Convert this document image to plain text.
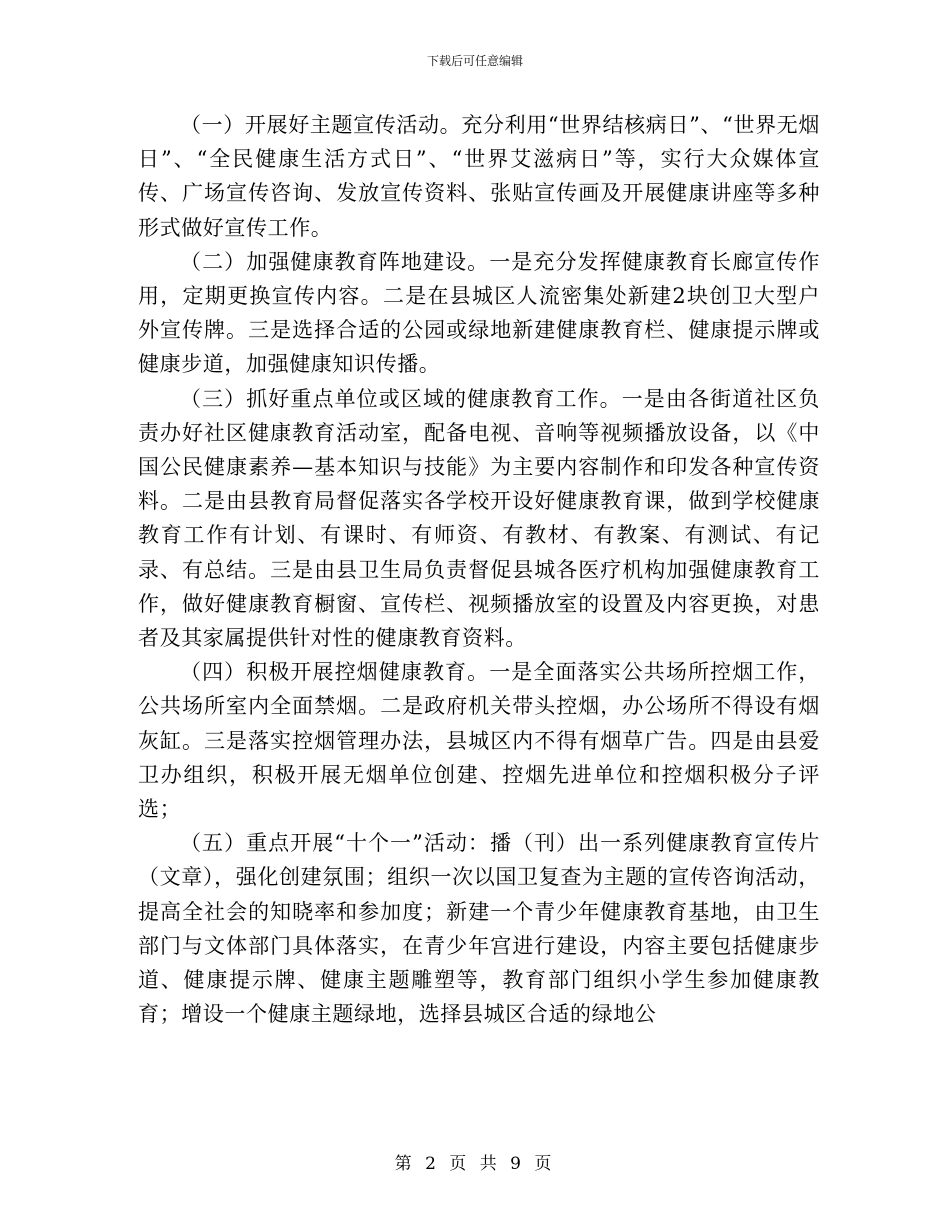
下载后可任意编辑

（一）开展好主题宣传活动。充分利用“世界结核病日”、“世界无烟日”、“全民健康生活方式日”、“世界艾滋病日”等，实行大众媒体宣传、广场宣传咨询、发放宣传资料、张贴宣传画及开展健康讲座等多种形式做好宣传工作。

（二）加强健康教育阵地建设。一是充分发挥健康教育长廊宣传作用，定期更换宣传内容。二是在县城区人流密集处新建2块创卫大型户外宣传牌。三是选择合适的公园或绿地新建健康教育栏、健康提示牌或健康步道，加强健康知识传播。

（三）抓好重点单位或区域的健康教育工作。一是由各街道社区负责办好社区健康教育活动室，配备电视、音响等视频播放设备，以《中国公民健康素养—基本知识与技能》为主要内容制作和印发各种宣传资料。二是由县教育局督促落实各学校开设好健康教育课，做到学校健康教育工作有计划、有课时、有师资、有教材、有教案、有测试、有记录、有总结。三是由县卫生局负责督促县城各医疗机构加强健康教育工作，做好健康教育橱窗、宣传栏、视频播放室的设置及内容更换，对患者及其家属提供针对性的健康教育资料。

（四）积极开展控烟健康教育。一是全面落实公共场所控烟工作，公共场所室内全面禁烟。二是政府机关带头控烟，办公场所不得设有烟灰缸。三是落实控烟管理办法，县城区内不得有烟草广告。四是由县爱卫办组织，积极开展无烟单位创建、控烟先进单位和控烟积极分子评选；

（五）重点开展“十个一”活动：播（刊）出一系列健康教育宣传片（文章），强化创建氛围；组织一次以国卫复查为主题的宣传咨询活动，提高全社会的知晓率和参加度；新建一个青少年健康教育基地，由卫生部门与文体部门具体落实，在青少年宫进行建设，内容主要包括健康步道、健康提示牌、健康主题雕塑等，教育部门组织小学生参加健康教育；增设一个健康主题绿地，选择县城区合适的绿地公

第 2 页 共 9 页
